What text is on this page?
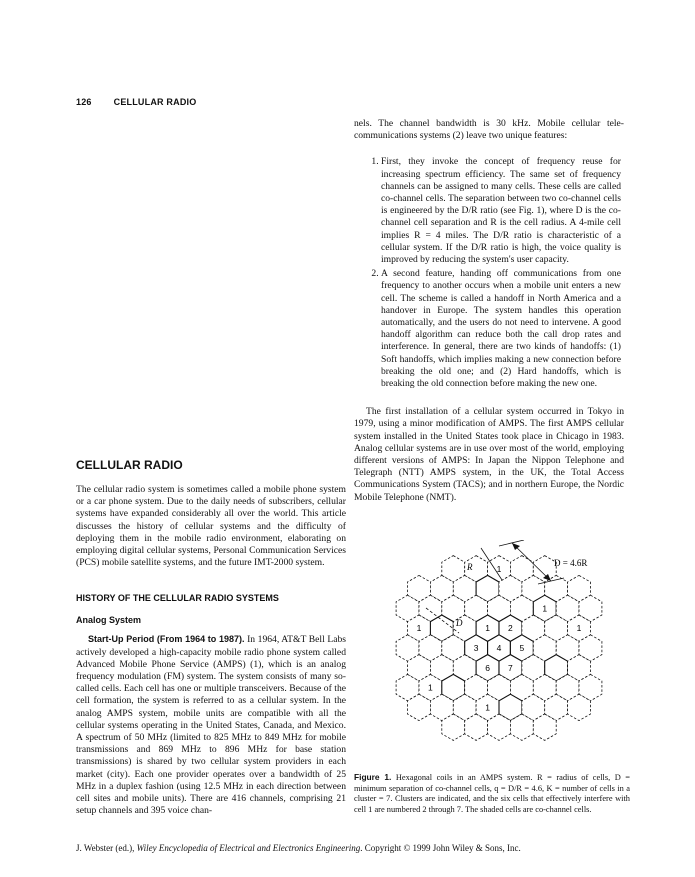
126 CELLULAR RADIO

nels. The channel bandwidth is 30 kHz. Mobile cellular tele-communications systems (2) leave two unique features:

1. First, they invoke the concept of frequency reuse for increasing spectrum efficiency. The same set of frequency channels can be assigned to many cells. These cells are called co-channel cells. The separation between two co-channel cells is engineered by the D/R ratio (see Fig. 1), where D is the co-channel cell separation and R is the cell radius. A 4-mile cell implies R = 4 miles. The D/R ratio is characteristic of a cellular system. If the D/R ratio is high, the voice quality is improved by reducing the system's user capacity.
2. A second feature, handing off communications from one frequency to another occurs when a mobile unit enters a new cell. The scheme is called a handoff in North America and a handover in Europe. The system handles this operation automatically, and the users do not need to intervene. A good handoff algorithm can reduce both the call drop rates and interference. In general, there are two kinds of handoffs: (1) Soft handoffs, which implies making a new connection before breaking the old one; and (2) Hard handoffs, which is breaking the old connection before making the new one.

The first installation of a cellular system occurred in Tokyo in 1979, using a minor modification of AMPS. The first AMPS cellular system installed in the United States took place in Chicago in 1983. Analog cellular systems are in use over most of the world, employing different versions of AMPS: In Japan the Nippon Telephone and Telegraph (NTT) AMPS system, in the UK, the Total Access Communications System (TACS); and in northern Europe, the Nordic Mobile Telephone (NMT).

CELLULAR RADIO

The cellular radio system is sometimes called a mobile phone system or a car phone system. Due to the daily needs of subscribers, cellular systems have expanded considerably all over the world. This article discusses the history of cellular systems and the difficulty of deploying them in the mobile radio environment, elaborating on employing digital cellular systems, Personal Communication Services (PCS) mobile satellite systems, and the future IMT-2000 system.

HISTORY OF THE CELLULAR RADIO SYSTEMS
Analog System

Start-Up Period (From 1964 to 1987). In 1964, AT&T Bell Labs actively developed a high-capacity mobile radio phone system called Advanced Mobile Phone Service (AMPS) (1), which is an analog frequency modulation (FM) system. The system consists of many so-called cells. Each cell has one or multiple transceivers. Because of the cell formation, the system is referred to as a cellular system. In the analog AMPS system, mobile units are compatible with all the cellular systems operating in the United States, Canada, and Mexico. A spectrum of 50 MHz (limited to 825 MHz to 849 MHz for mobile transmissions and 869 MHz to 896 MHz for base station transmissions) is shared by two cellular system providers in each market (city). Each one provider operates over a bandwidth of 25 MHz in a duplex fashion (using 12.5 MHz in each direction between cell sites and mobile units). There are 416 channels, comprising 21 setup channels and 395 voice chan-

R	D = 4.6R
D
1 2
3 4 5
6 7
1
1
1
1
1
1
Figure 1. Hexagonal coils in an AMPS system. R = radius of cells, D = minimum separation of co-channel cells, q = D/R = 4.6, K = number of cells in a cluster = 7. Clusters are indicated, and the six cells that effectively interfere with cell 1 are numbered 2 through 7. The shaded cells are co-channel cells.
J. Webster (ed.), Wiley Encyclopedia of Electrical and Electronics Engineering. Copyright © 1999 John Wiley & Sons, Inc.
